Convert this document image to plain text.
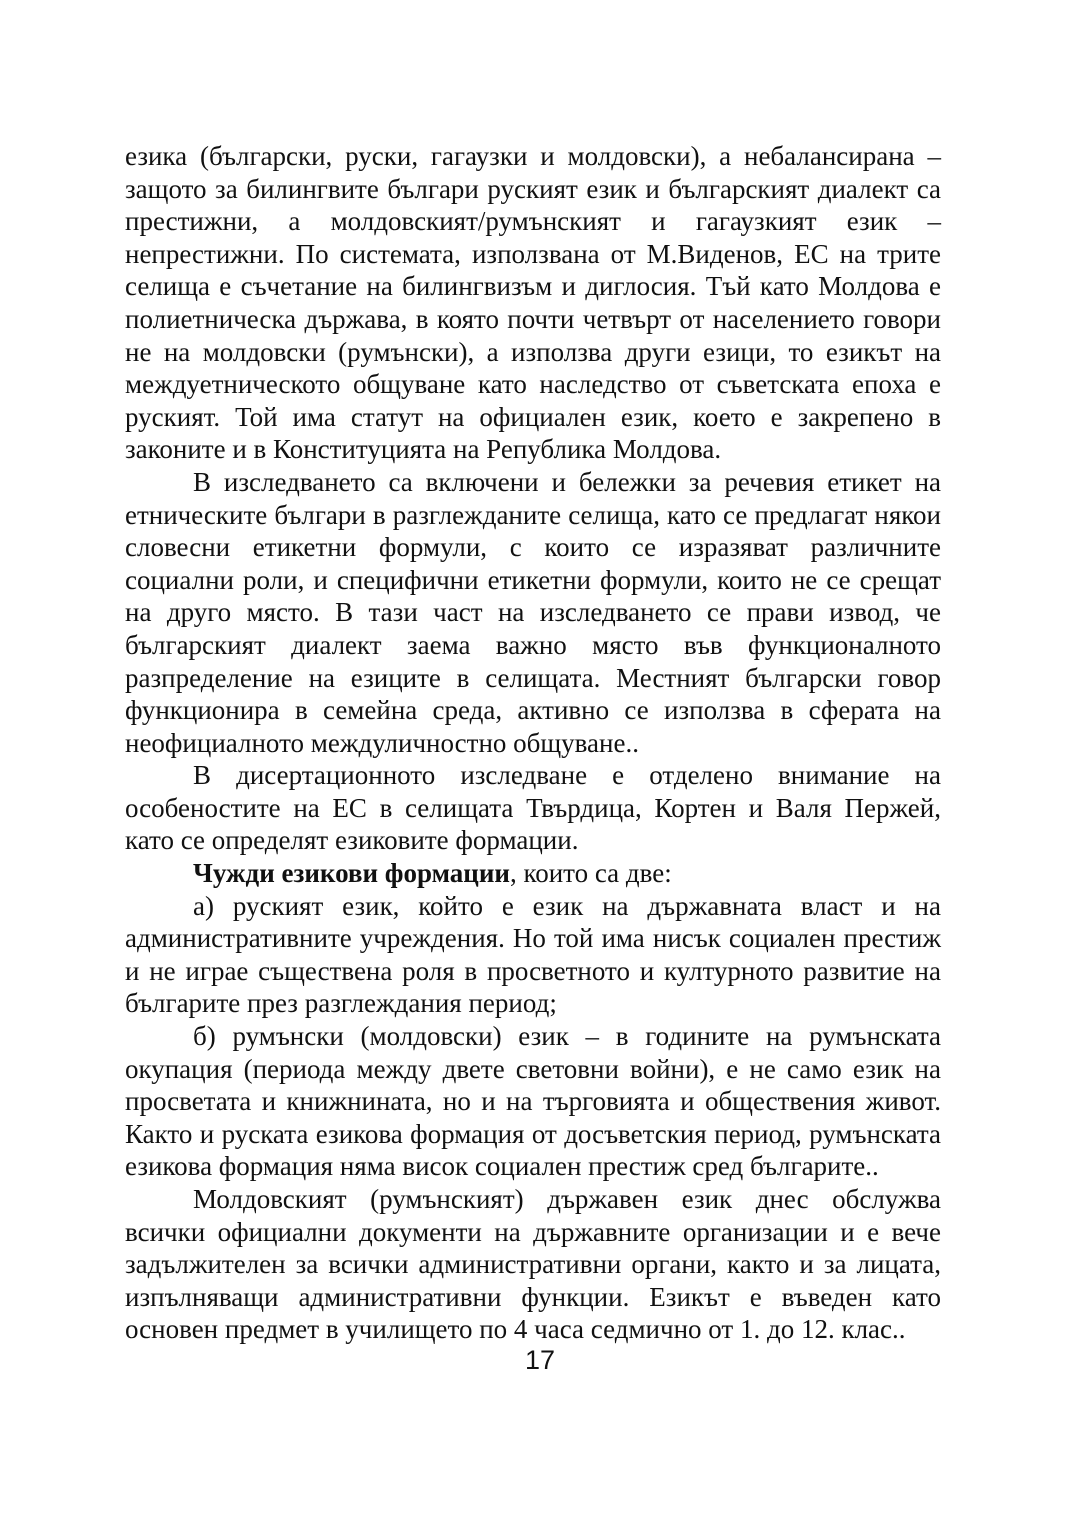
езика (български, руски, гагаузки и молдовски), а небалансирана – защото за билингвите българи руският език и българският диалект са престижни, а молдовският/румънският и гагаузкият език – непрестижни. По системата, използвана от М.Виденов, ЕС на трите селища е съчетание на билингвизъм и диглосия. Тъй като Молдова е полиетническа държава, в която почти четвърт от населението говори не на молдовски (румънски), а използва други езици, то езикът на междуетническото общуване като наследство от съветската епоха е руският. Той има статут на официален език, което е закрепено в законите и в Конституцията на Република Молдова.

В изследването са включени и бележки за речевия етикет на етническите българи в разглежданите селища, като се предлагат някои словесни етикетни формули, с които се изразяват различните социални роли, и специфични етикетни формули, които не се срещат на друго място. В тази част на изследването се прави извод, че българският диалект заема важно място във функционалното разпределение на езиците в селищата. Местният български говор функционира в семейна среда, активно се използва в сферата на неофициалното междуличностно общуване..

В дисертационното изследване е отделено внимание на особеностите на ЕС в селищата Твърдица, Кортен и Валя Пержей, като се определят езиковите формации.

Чужди езикови формации, които са две:

а) руският език, който е език на държавната власт и на административните учреждения. Но той има нисък социален престиж и не играе съществена роля в просветното и културното развитие на българите през разглеждания период;

б) румънски (молдовски) език – в годините на румънската окупация (периода между двете световни войни), е не само език на просветата и книжнината, но и на търговията и обществения живот. Както и руската езикова формация от досъветския период, румънската езикова формация няма висок социален престиж сред българите..

Молдовският (румънският) държавен език днес обслужва всички официални документи на държавните организации и е вече задължителен за всички административни органи, както и за лицата, изпълняващи административни функции. Езикът е въведен като основен предмет в училището по 4 часа седмично от 1. до 12. клас..

17
